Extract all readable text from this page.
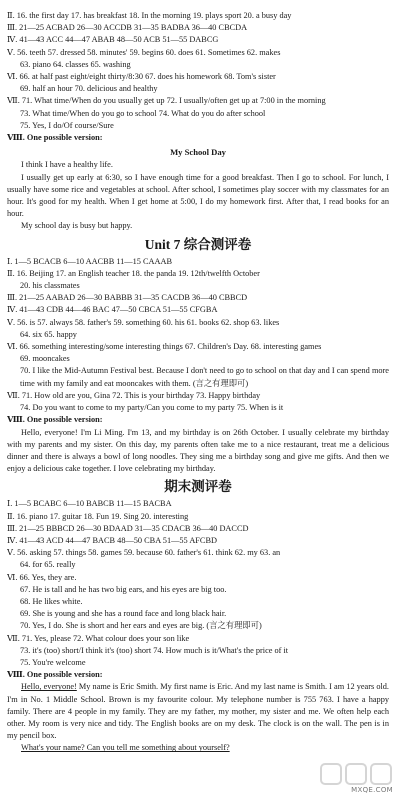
Ⅱ. 16. the first day 17. has breakfast 18. In the morning 19. plays sport 20. a busy day
Ⅲ. 21—25 ACBAD 26—30 ACCDB 31—35 BADBA 36—40 CBCDA
Ⅳ. 41—43 ACC 44—47 ABAB 48—50 ACB 51—55 DABCG
Ⅴ. 56. teeth 57. dressed 58. minutes' 59. begins 60. does 61. Sometimes 62. makes
63. piano 64. classes 65. washing
Ⅵ. 66. at half past eight/eight thirty/8:30 67. does his homework 68. Tom's sister
69. half an hour 70. delicious and healthy
Ⅶ. 71. What time/When do you usually get up 72. I usually/often get up at 7:00 in the morning
73. What time/When do you go to school 74. What do you do after school
75. Yes, I do/Of course/Sure
Ⅷ. One possible version:
My School Day
I think I have a healthy life.
I usually get up early at 6:30, so I have enough time for a good breakfast. Then I go to school. For lunch, I usually have some rice and vegetables at school. After school, I sometimes play soccer with my classmates for an hour. It's good for my health. When I get home at 5:00, I do my homework first. After that, I read books for an hour.
My school day is busy but happy.
Unit 7 综合测评卷
Ⅰ. 1—5 BCACB 6—10 AACBB 11—15 CAAAB
Ⅱ. 16. Beijing 17. an English teacher 18. the panda 19. 12th/twelfth October
20. his classmates
Ⅲ. 21—25 AABAD 26—30 BABBB 31—35 CACDB 36—40 CBBCD
Ⅳ. 41—43 CDB 44—46 BAC 47—50 CBCA 51—55 CFGBA
Ⅴ. 56. is 57. always 58. father's 59. something 60. his 61. books 62. shop 63. likes
64. six 65. happy
Ⅵ. 66. something interesting/some interesting things 67. Children's Day. 68. interesting games
69. mooncakes
70. I like the Mid-Autumn Festival best. Because I don't need to go to school on that day and I can spend more time with my family and eat mooncakes with them. (言之有理即可)
Ⅶ. 71. How old are you, Gina 72. This is your birthday 73. Happy birthday
74. Do you want to come to my party/Can you come to my party 75. When is it
Ⅷ. One possible version:
Hello, everyone! I'm Li Ming. I'm 13, and my birthday is on 26th October. I usually celebrate my birthday with my parents and my sister. On this day, my parents often take me to a nice restaurant, treat me a delicious dinner and there is always a bowl of long noodles. They sing me a birthday song and give me gifts. And then we enjoy a delicious cake together. I love celebrating my birthday.
期末测评卷
Ⅰ. 1—5 BCABC 6—10 BABCB 11—15 BACBA
Ⅱ. 16. piano 17. guitar 18. Fun 19. Sing 20. interesting
Ⅲ. 21—25 BBBCD 26—30 BDAAD 31—35 CDACB 36—40 DACCD
Ⅳ. 41—43 ACD 44—47 BACB 48—50 CBA 51—55 AFCBD
Ⅴ. 56. asking 57. things 58. games 59. because 60. father's 61. think 62. my 63. an
64. for 65. really
Ⅵ. 66. Yes, they are.
67. He is tall and he has two big ears, and his eyes are big too.
68. He likes white.
69. She is young and she has a round face and long black hair.
70. Yes, I do. She is short and her ears and eyes are big. (言之有理即可)
Ⅶ. 71. Yes, please 72. What colour does your son like
73. it's (too) short/I think it's (too) short 74. How much is it/What's the price of it
75. You're welcome
Ⅷ. One possible version:
Hello, everyone! My name is Eric Smith. My first name is Eric. And my last name is Smith. I am 12 years old. I'm in No. 1 Middle School. Brown is my favourite colour. My telephone number is 755 763. I have a happy family. There are 4 people in my family. They are my father, my mother, my sister and me. We often help each other. My room is very nice and tidy. The English books are on my desk. The clock is on the wall. The pen is in my pencil box.
What's your name? Can you tell me something about yourself?
MXQE.COM
